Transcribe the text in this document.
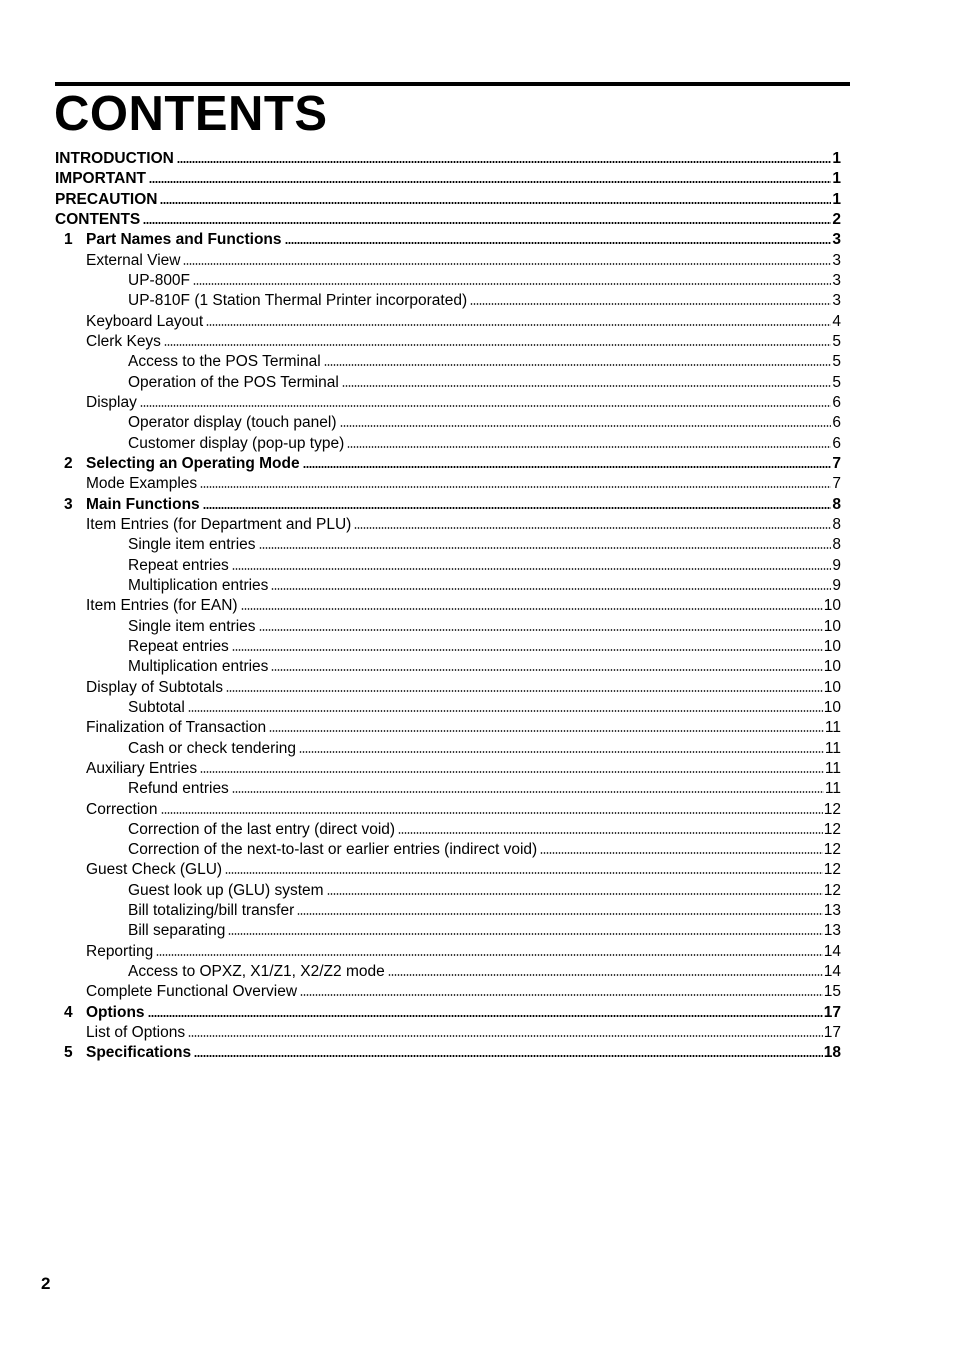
CONTENTS
INTRODUCTION	1
IMPORTANT	1
PRECAUTION	1
CONTENTS	2
1 Part Names and Functions	3
External View	3
UP-800F	3
UP-810F (1 Station Thermal Printer incorporated)	3
Keyboard Layout	4
Clerk Keys	5
Access to the POS Terminal	5
Operation of the POS Terminal	5
Display	6
Operator display (touch panel)	6
Customer display (pop-up type)	6
2 Selecting an Operating Mode	7
Mode Examples	7
3 Main Functions	8
Item Entries (for Department and PLU)	8
Single item entries	8
Repeat entries	9
Multiplication entries	9
Item Entries (for EAN)	10
Single item entries	10
Repeat entries	10
Multiplication entries	10
Display of Subtotals	10
Subtotal	10
Finalization of Transaction	11
Cash or check tendering	11
Auxiliary Entries	11
Refund entries	11
Correction	12
Correction of the last entry (direct void)	12
Correction of the next-to-last or earlier entries (indirect void)	12
Guest Check (GLU)	12
Guest look up (GLU) system	12
Bill totalizing/bill transfer	13
Bill separating	13
Reporting	14
Access to OPXZ, X1/Z1, X2/Z2 mode	14
Complete Functional Overview	15
4 Options	17
List of Options	17
5 Specifications	18
2
